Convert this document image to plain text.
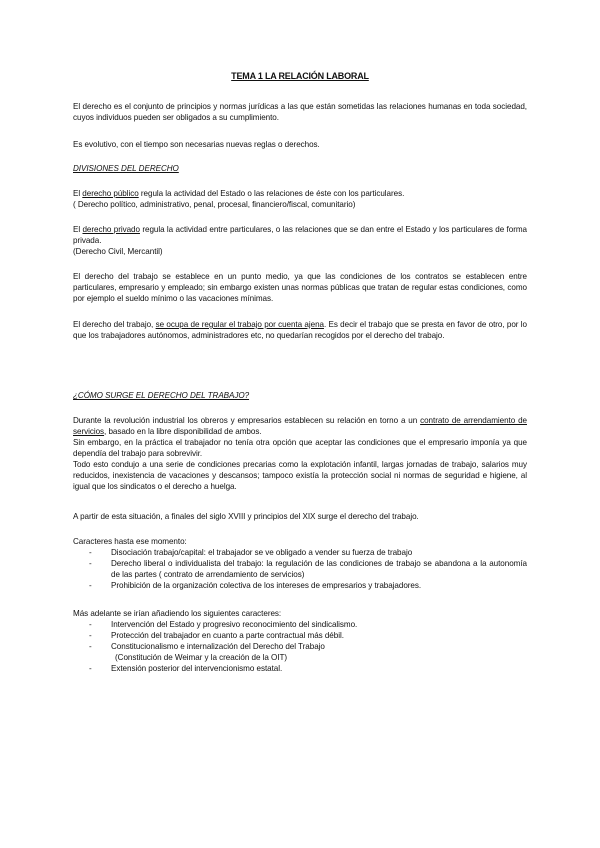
TEMA 1 LA RELACIÓN LABORAL

El derecho es el conjunto de principios y normas jurídicas a las que están sometidas las relaciones humanas en toda sociedad, cuyos individuos pueden ser obligados a su cumplimiento.

Es evolutivo, con el tiempo son necesarias nuevas reglas o derechos.

DIVISIONES DEL DERECHO

El derecho público regula la actividad del Estado o las relaciones de éste con los particulares.

( Derecho político, administrativo, penal, procesal, financiero/fiscal, comunitario)

El derecho privado regula la actividad entre particulares, o las relaciones que se dan entre el Estado y los particulares de forma privada.

(Derecho Civil, Mercantil)

El derecho del trabajo se establece en un punto medio, ya que las condiciones de los contratos se establecen entre particulares, empresario y empleado; sin embargo existen unas normas públicas que tratan de regular estas condiciones, como por ejemplo el sueldo mínimo o las vacaciones mínimas.

El derecho del trabajo, se ocupa de regular el trabajo por cuenta ajena. Es decir el trabajo que se presta en favor de otro, por lo que los trabajadores autónomos, administradores etc, no quedarían recogidos por el derecho del trabajo.

¿CÓMO SURGE EL DERECHO DEL TRABAJO?

Durante la revolución industrial los obreros y empresarios establecen su relación en torno a un contrato de arrendamiento de servicios, basado en la libre disponibilidad de ambos.

Sin embargo, en la práctica el trabajador no tenía otra opción que aceptar las condiciones que el empresario imponía ya que dependía del trabajo para sobrevivir.

Todo esto condujo a una serie de condiciones precarias como la explotación infantil, largas jornadas de trabajo, salarios muy reducidos, inexistencia de vacaciones y descansos; tampoco existía la protección social ni normas de seguridad e higiene, al igual que los sindicatos o el derecho a huelga.

A partir de esta situación, a finales del siglo XVIII y principios del XIX surge el derecho del trabajo.

Caracteres hasta ese momento:

- Disociación trabajo/capital: el trabajador se ve obligado a vender su fuerza de trabajo
- Derecho liberal o individualista del trabajo: la regulación de las condiciones de trabajo se abandona a la autonomía de las partes ( contrato de arrendamiento de servicios)
- Prohibición de la organización colectiva de los intereses de empresarios y trabajadores.

Más adelante se irían añadiendo los siguientes caracteres:

- Intervención del Estado y progresivo reconocimiento del sindicalismo.
- Protección del trabajador en cuanto a parte contractual más débil.
- Constitucionalismo e internalización del Derecho del Trabajo
(Constitución de Weimar y la creación de la OIT)
- Extensión posterior del intervencionismo estatal.
